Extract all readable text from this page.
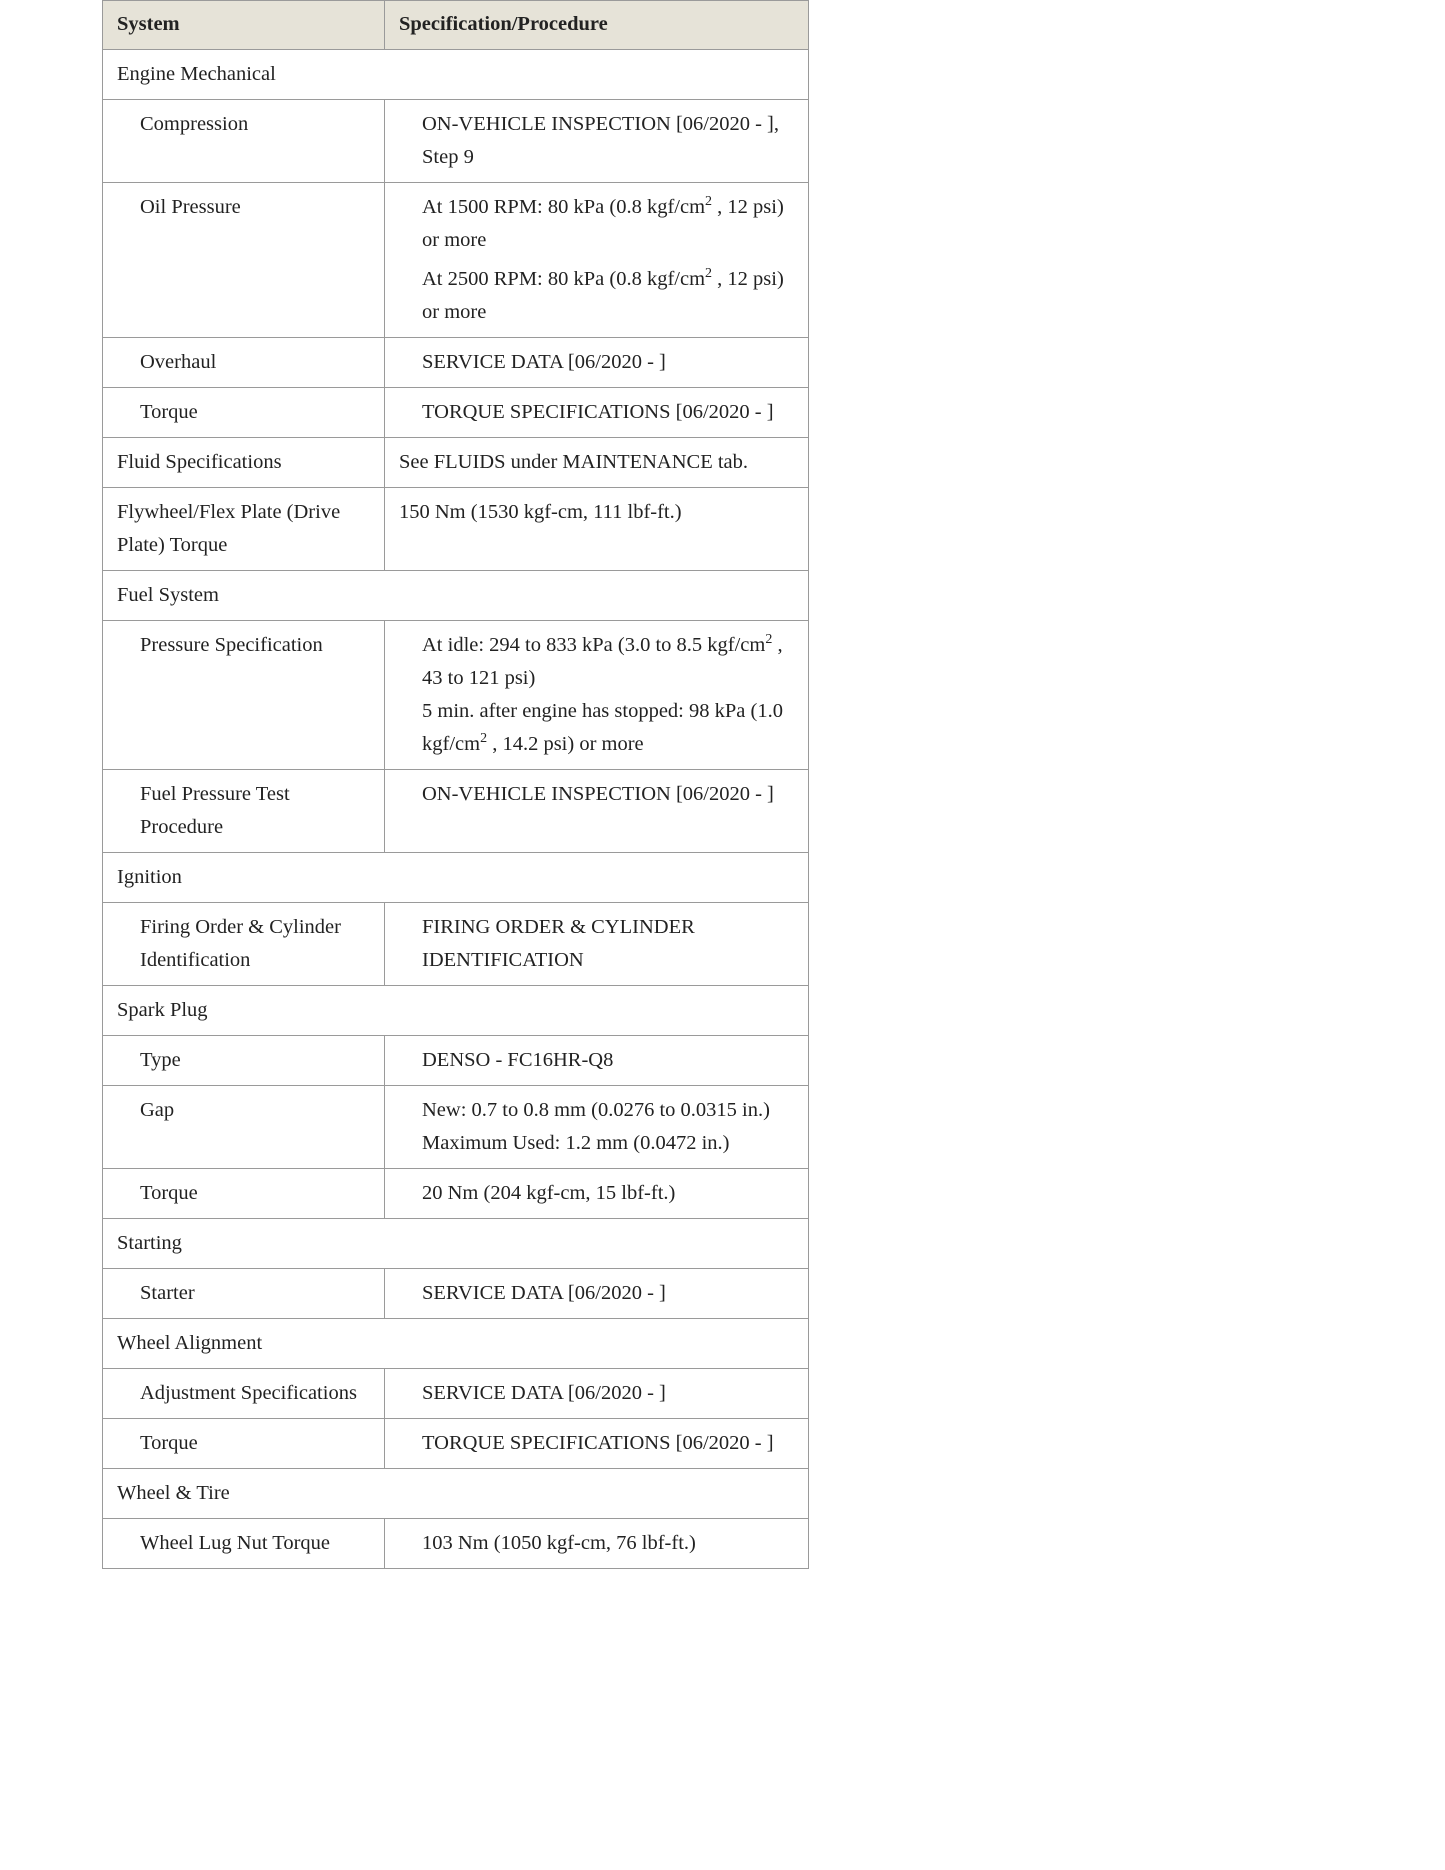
System	Specification/Procedure
Engine Mechanical	
Compression	ON-VEHICLE INSPECTION [06/2020 - ], Step 9

Oil Pressure	At 1500 RPM: 80 kPa (0.8 kgf/$cm^2$ , 12 psi) or more
At 2500 RPM: 80 kPa (0.8 kgf/$cm^2$ , 12 psi) or more

Overhaul	SERVICE DATA [06/2020 - ]

Torque	TORQUE SPECIFICATIONS [06/2020 - ]

Fluid Specifications	See FLUIDS under MAINTENANCE tab.

Flywheel/Flex Plate (Drive Plate) Torque	150 Nm (1530 kgf-cm, 111 lbf-ft.)

Fuel System	
Pressure Specification	At idle: 294 to 833 kPa (3.0 to 8.5 kgf/$cm^2$ , 43 to 121 psi)
5 min. after engine has stopped: 98 kPa (1.0 kgf/$cm^2$ , 14.2 psi) or more

Fuel Pressure Test Procedure	ON-VEHICLE INSPECTION [06/2020 - ]

Ignition	
Firing Order & Cylinder Identification	FIRING ORDER & CYLINDER IDENTIFICATION

Spark Plug	
Type	DENSO - FC16HR-Q8

Gap	New: 0.7 to 0.8 mm (0.0276 to 0.0315 in.)
Maximum Used: 1.2 mm (0.0472 in.)

Torque	20 Nm (204 kgf-cm, 15 lbf-ft.)

Starting	
Starter	SERVICE DATA [06/2020 - ]

Wheel Alignment	
Adjustment Specifications	SERVICE DATA [06/2020 - ]

Torque	TORQUE SPECIFICATIONS [06/2020 - ]

Wheel & Tire	
Wheel Lug Nut Torque	103 Nm (1050 kgf-cm, 76 lbf-ft.)
